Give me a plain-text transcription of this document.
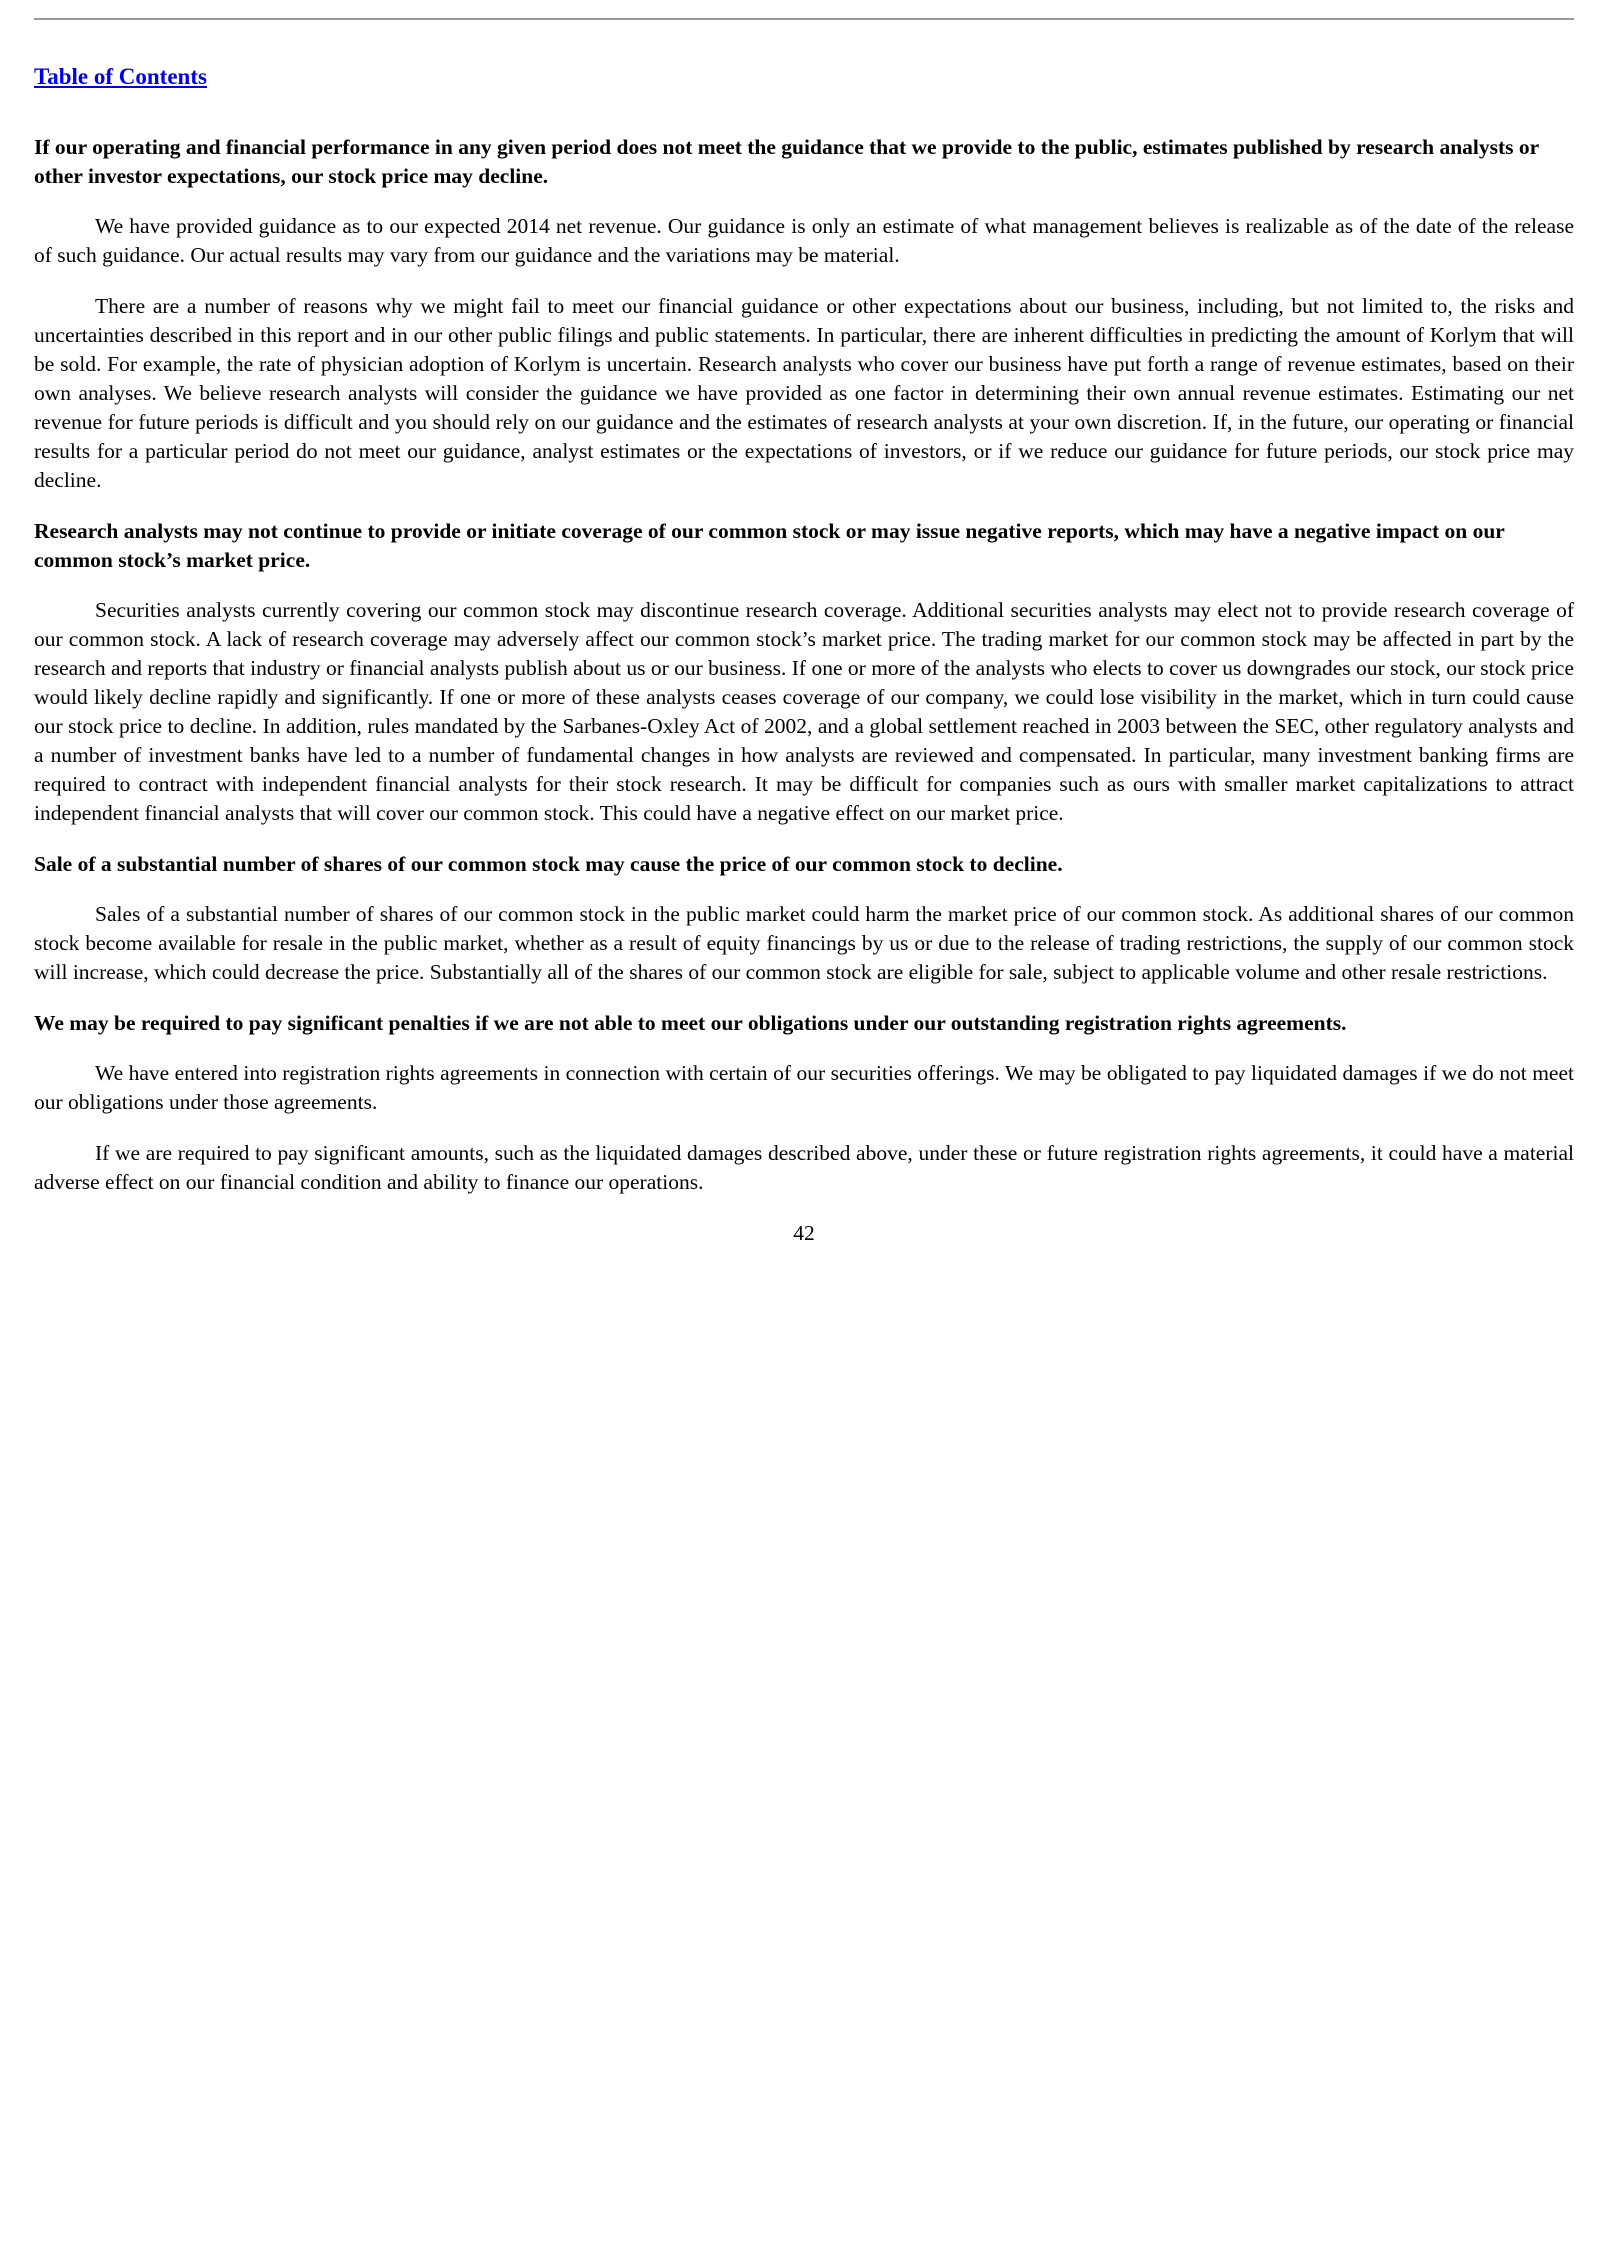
Table of Contents
If our operating and financial performance in any given period does not meet the guidance that we provide to the public, estimates published by research analysts or other investor expectations, our stock price may decline.

We have provided guidance as to our expected 2014 net revenue. Our guidance is only an estimate of what management believes is realizable as of the date of the release of such guidance. Our actual results may vary from our guidance and the variations may be material.

There are a number of reasons why we might fail to meet our financial guidance or other expectations about our business, including, but not limited to, the risks and uncertainties described in this report and in our other public filings and public statements. In particular, there are inherent difficulties in predicting the amount of Korlym that will be sold. For example, the rate of physician adoption of Korlym is uncertain. Research analysts who cover our business have put forth a range of revenue estimates, based on their own analyses. We believe research analysts will consider the guidance we have provided as one factor in determining their own annual revenue estimates. Estimating our net revenue for future periods is difficult and you should rely on our guidance and the estimates of research analysts at your own discretion. If, in the future, our operating or financial results for a particular period do not meet our guidance, analyst estimates or the expectations of investors, or if we reduce our guidance for future periods, our stock price may decline.

Research analysts may not continue to provide or initiate coverage of our common stock or may issue negative reports, which may have a negative impact on our common stock’s market price.

Securities analysts currently covering our common stock may discontinue research coverage. Additional securities analysts may elect not to provide research coverage of our common stock. A lack of research coverage may adversely affect our common stock’s market price. The trading market for our common stock may be affected in part by the research and reports that industry or financial analysts publish about us or our business. If one or more of the analysts who elects to cover us downgrades our stock, our stock price would likely decline rapidly and significantly. If one or more of these analysts ceases coverage of our company, we could lose visibility in the market, which in turn could cause our stock price to decline. In addition, rules mandated by the Sarbanes-Oxley Act of 2002, and a global settlement reached in 2003 between the SEC, other regulatory analysts and a number of investment banks have led to a number of fundamental changes in how analysts are reviewed and compensated. In particular, many investment banking firms are required to contract with independent financial analysts for their stock research. It may be difficult for companies such as ours with smaller market capitalizations to attract independent financial analysts that will cover our common stock. This could have a negative effect on our market price.

Sale of a substantial number of shares of our common stock may cause the price of our common stock to decline.

Sales of a substantial number of shares of our common stock in the public market could harm the market price of our common stock. As additional shares of our common stock become available for resale in the public market, whether as a result of equity financings by us or due to the release of trading restrictions, the supply of our common stock will increase, which could decrease the price. Substantially all of the shares of our common stock are eligible for sale, subject to applicable volume and other resale restrictions.

We may be required to pay significant penalties if we are not able to meet our obligations under our outstanding registration rights agreements.

We have entered into registration rights agreements in connection with certain of our securities offerings. We may be obligated to pay liquidated damages if we do not meet our obligations under those agreements.

If we are required to pay significant amounts, such as the liquidated damages described above, under these or future registration rights agreements, it could have a material adverse effect on our financial condition and ability to finance our operations.

42
